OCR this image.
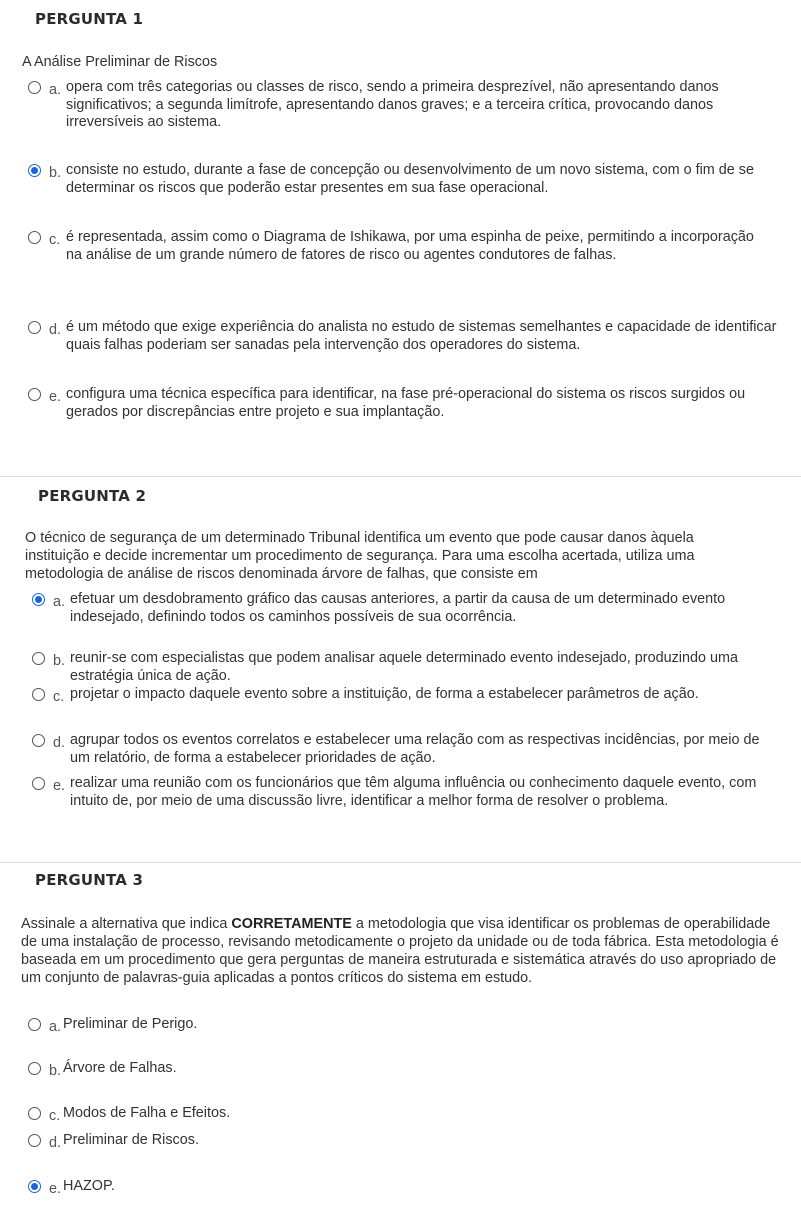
PERGUNTA 1
A Análise Preliminar de Riscos
a. opera com três categorias ou classes de risco, sendo a primeira desprezível, não apresentando danos significativos; a segunda limítrofe, apresentando danos graves; e a terceira crítica, provocando danos irreversíveis ao sistema.
b. consiste no estudo, durante a fase de concepção ou desenvolvimento de um novo sistema, com o fim de se determinar os riscos que poderão estar presentes em sua fase operacional.
c. é representada, assim como o Diagrama de Ishikawa, por uma espinha de peixe, permitindo a incorporação na análise de um grande número de fatores de risco ou agentes condutores de falhas.
d. é um método que exige experiência do analista no estudo de sistemas semelhantes e capacidade de identificar quais falhas poderiam ser sanadas pela intervenção dos operadores do sistema.
e. configura uma técnica específica para identificar, na fase pré-operacional do sistema os riscos surgidos ou gerados por discrepâncias entre projeto e sua implantação.
PERGUNTA 2
O técnico de segurança de um determinado Tribunal identifica um evento que pode causar danos àquela instituição e decide incrementar um procedimento de segurança. Para uma escolha acertada, utiliza uma metodologia de análise de riscos denominada árvore de falhas, que consiste em
a. efetuar um desdobramento gráfico das causas anteriores, a partir da causa de um determinado evento indesejado, definindo todos os caminhos possíveis de sua ocorrência.
b. reunir-se com especialistas que podem analisar aquele determinado evento indesejado, produzindo uma estratégia única de ação.
c. projetar o impacto daquele evento sobre a instituição, de forma a estabelecer parâmetros de ação.
d. agrupar todos os eventos correlatos e estabelecer uma relação com as respectivas incidências, por meio de um relatório, de forma a estabelecer prioridades de ação.
e. realizar uma reunião com os funcionários que têm alguma influência ou conhecimento daquele evento, com intuito de, por meio de uma discussão livre, identificar a melhor forma de resolver o problema.
PERGUNTA 3
Assinale a alternativa que indica CORRETAMENTE a metodologia que visa identificar os problemas de operabilidade de uma instalação de processo, revisando metodicamente o projeto da unidade ou de toda fábrica. Esta metodologia é baseada em um procedimento que gera perguntas de maneira estruturada e sistemática através do uso apropriado de um conjunto de palavras-guia aplicadas a pontos críticos do sistema em estudo.
a. Preliminar de Perigo.
b. Árvore de Falhas.
c. Modos de Falha e Efeitos.
d. Preliminar de Riscos.
e. HAZOP.
